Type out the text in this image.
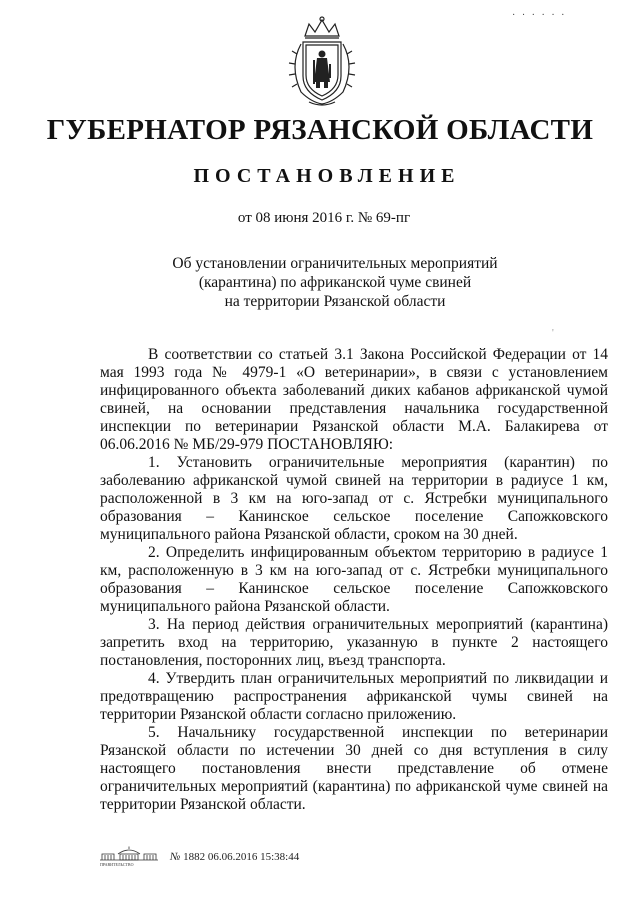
· · · · · ·
ГУБЕРНАТОР РЯЗАНСКОЙ ОБЛАСТИ
ПОСТАНОВЛЕНИЕ
от 08 июня 2016 г. № 69-пг
Об установлении ограничительных мероприятий
(карантина) по африканской чуме свиней
на территории Рязанской области
'

В соответствии со статьей 3.1 Закона Российской Федерации от 14 мая 1993 года № 4979-1 «О ветеринарии», в связи с установлением инфицированного объекта заболеваний диких кабанов африканской чумой свиней, на основании представления начальника государственной инспекции по ветеринарии Рязанской области М.А. Балакирева от 06.06.2016 № МБ/29-979 ПОСТАНОВЛЯЮ:

1. Установить ограничительные мероприятия (карантин) по заболеванию африканской чумой свиней на территории в радиусе 1 км, расположенной в 3 км на юго-запад от с. Ястребки муниципального образования – Канинское сельское поселение Сапожковского муниципального района Рязанской области, сроком на 30 дней.

2. Определить инфицированным объектом территорию в радиусе 1 км, расположенную в 3 км на юго-запад от с. Ястребки муниципального образования – Канинское сельское поселение Сапожковского муниципального района Рязанской области.

3. На период действия ограничительных мероприятий (карантина) запретить вход на территорию, указанную в пункте 2 настоящего постановления, посторонних лиц, въезд транспорта.

4. Утвердить план ограничительных мероприятий по ликвидации и предотвращению распространения африканской чумы свиней на территории Рязанской области согласно приложению.

5. Начальнику государственной инспекции по ветеринарии Рязанской области по истечении 30 дней со дня вступления в силу настоящего постановления внести представление об отмене ограничительных мероприятий (карантина) по африканской чуме свиней на территории Рязанской области.

ПРАВИТЕЛЬСТВО
№ 1882 06.06.2016 15:38:44
